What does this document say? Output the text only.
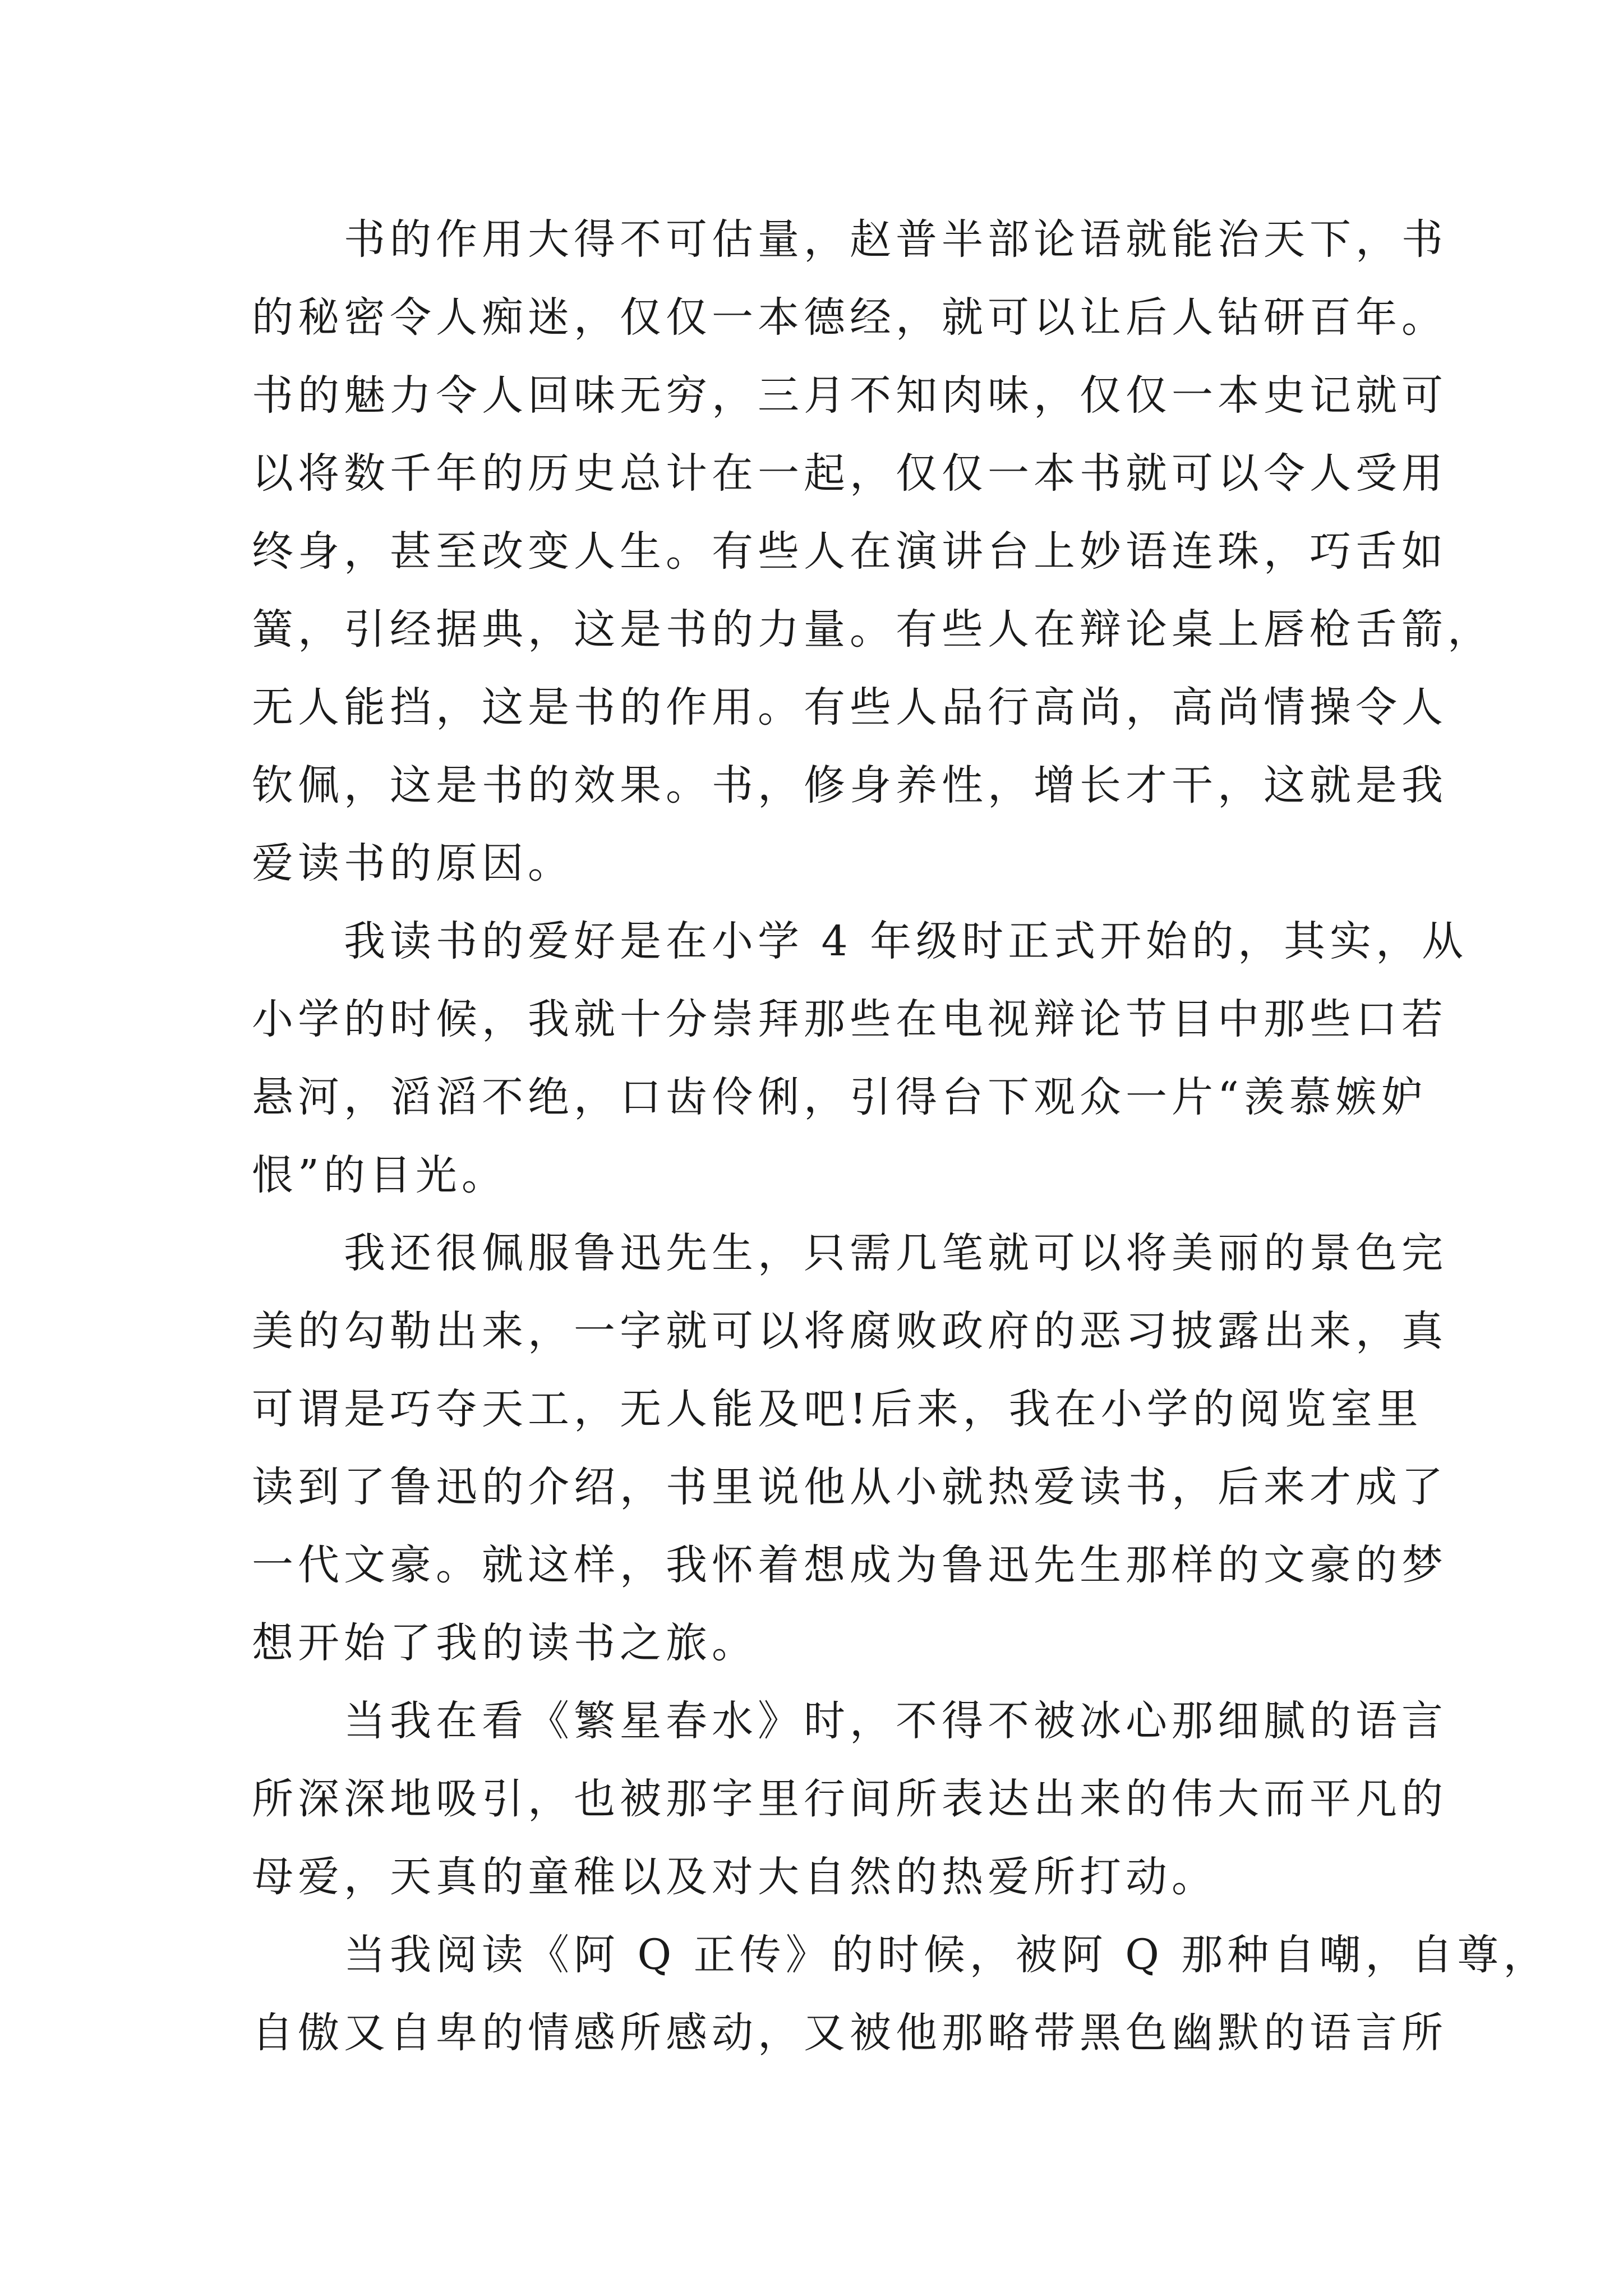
书的作用大得不可估量，赵普半部论语就能治天下，书
的秘密令人痴迷，仅仅一本德经，就可以让后人钻研百年。
书的魅力令人回味无穷，三月不知肉味，仅仅一本史记就可
以将数千年的历史总计在一起，仅仅一本书就可以令人受用
终身，甚至改变人生。有些人在演讲台上妙语连珠，巧舌如
簧，引经据典，这是书的力量。有些人在辩论桌上唇枪舌箭，
无人能挡，这是书的作用。有些人品行高尚，高尚情操令人
钦佩，这是书的效果。书，修身养性，增长才干，这就是我
爱读书的原因。
我读书的爱好是在小学 4 年级时正式开始的，其实，从
小学的时候，我就十分崇拜那些在电视辩论节目中那些口若
悬河，滔滔不绝，口齿伶俐，引得台下观众一片“羡慕嫉妒
恨”的目光。
我还很佩服鲁迅先生，只需几笔就可以将美丽的景色完
美的勾勒出来，一字就可以将腐败政府的恶习披露出来，真
可谓是巧夺天工，无人能及吧!后来，我在小学的阅览室里
读到了鲁迅的介绍，书里说他从小就热爱读书，后来才成了
一代文豪。就这样，我怀着想成为鲁迅先生那样的文豪的梦
想开始了我的读书之旅。
当我在看《繁星春水》时，不得不被冰心那细腻的语言
所深深地吸引，也被那字里行间所表达出来的伟大而平凡的
母爱，天真的童稚以及对大自然的热爱所打动。
当我阅读《阿 Q 正传》的时候，被阿 Q 那种自嘲，自尊，
自傲又自卑的情感所感动，又被他那略带黑色幽默的语言所
